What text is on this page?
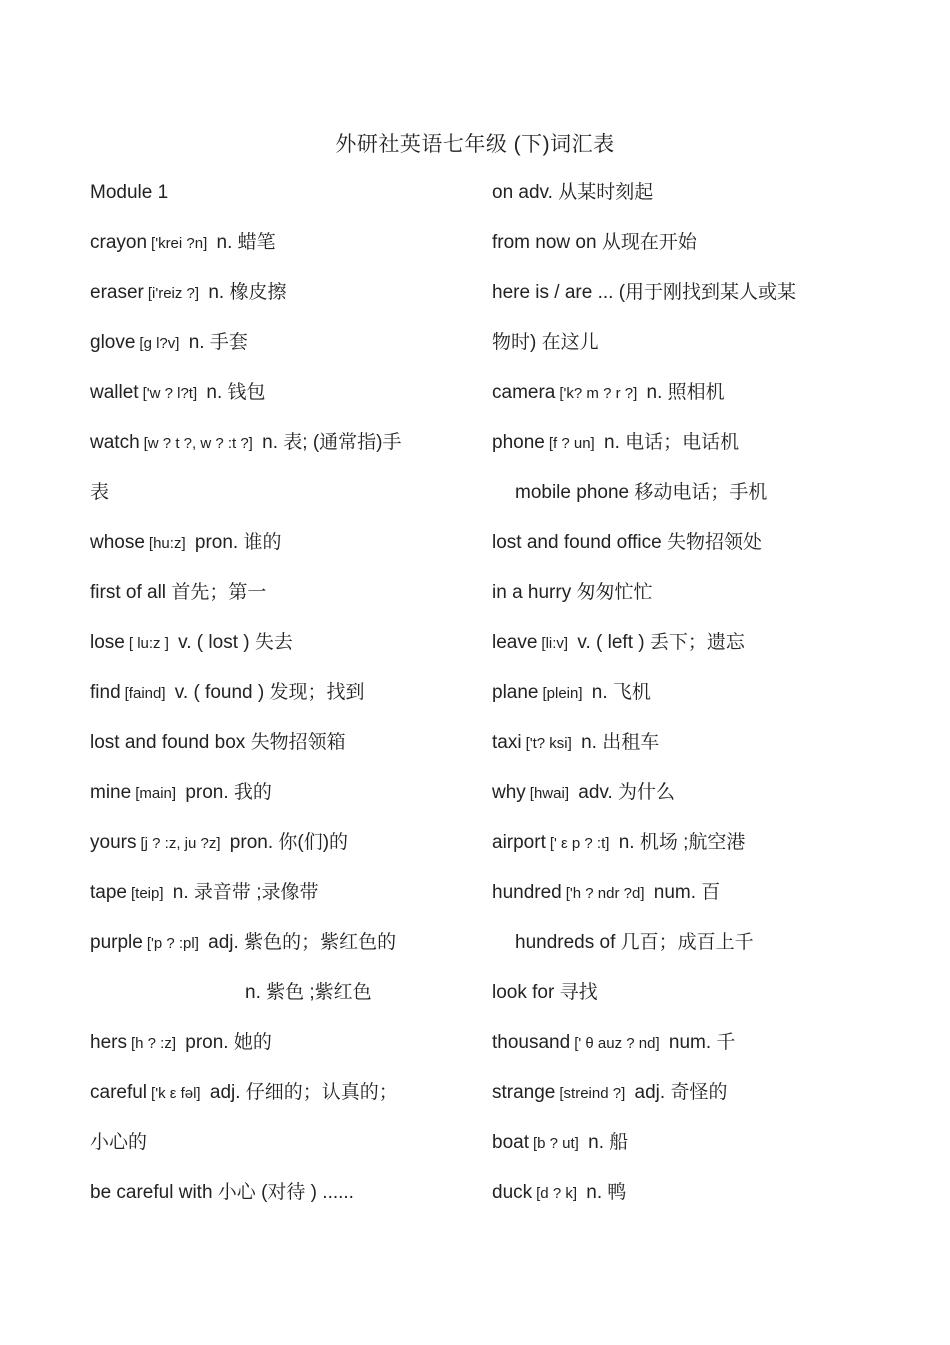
外研社英语七年级 (下)词汇表
Module 1
crayon ['krei ?n] n. 蜡笔
eraser [i'reiz ?] n. 橡皮擦
glove [g l?v] n. 手套
wallet ['w ? l?t] n. 钱包
watch [w ? t ?, w ? :t ?] n. 表; (通常指)手
表
whose [hu:z] pron. 谁的
first of all 首先；第一
lose [ lu:z ] v. ( lost ) 失去
find [faind] v. ( found ) 发现；找到
lost and found box 失物招领箱
mine [main] pron. 我的
yours [j ? :z, ju ?z] pron. 你(们)的
tape [teip] n. 录音带 ;录像带
purple ['p ? :pl] adj. 紫色的；紫红色的
n. 紫色 ;紫红色
hers [h ? :z] pron. 她的
careful ['k ε fəl] adj. 仔细的；认真的；
小心的
be careful with 小心 (对待 ) ......
on adv. 从某时刻起
from now on 从现在开始
here is / are ... (用于刚找到某人或某
物时) 在这儿
camera ['k? m ? r ?] n. 照相机
phone [f ? un] n. 电话；电话机
mobile phone 移动电话；手机
lost and found office 失物招领处
in a hurry 匆匆忙忙
leave [li:v] v. ( left ) 丢下；遗忘
plane [plein] n. 飞机
taxi ['t? ksi] n. 出租车
why [hwai] adv. 为什么
airport [' ε p ? :t] n. 机场 ;航空港
hundred ['h ? ndr ?d] num. 百
hundreds of 几百；成百上千
look for 寻找
thousand [' θ auz ? nd] num. 千
strange [streind ?] adj. 奇怪的
boat [b ? ut] n. 船
duck [d ? k] n. 鸭
